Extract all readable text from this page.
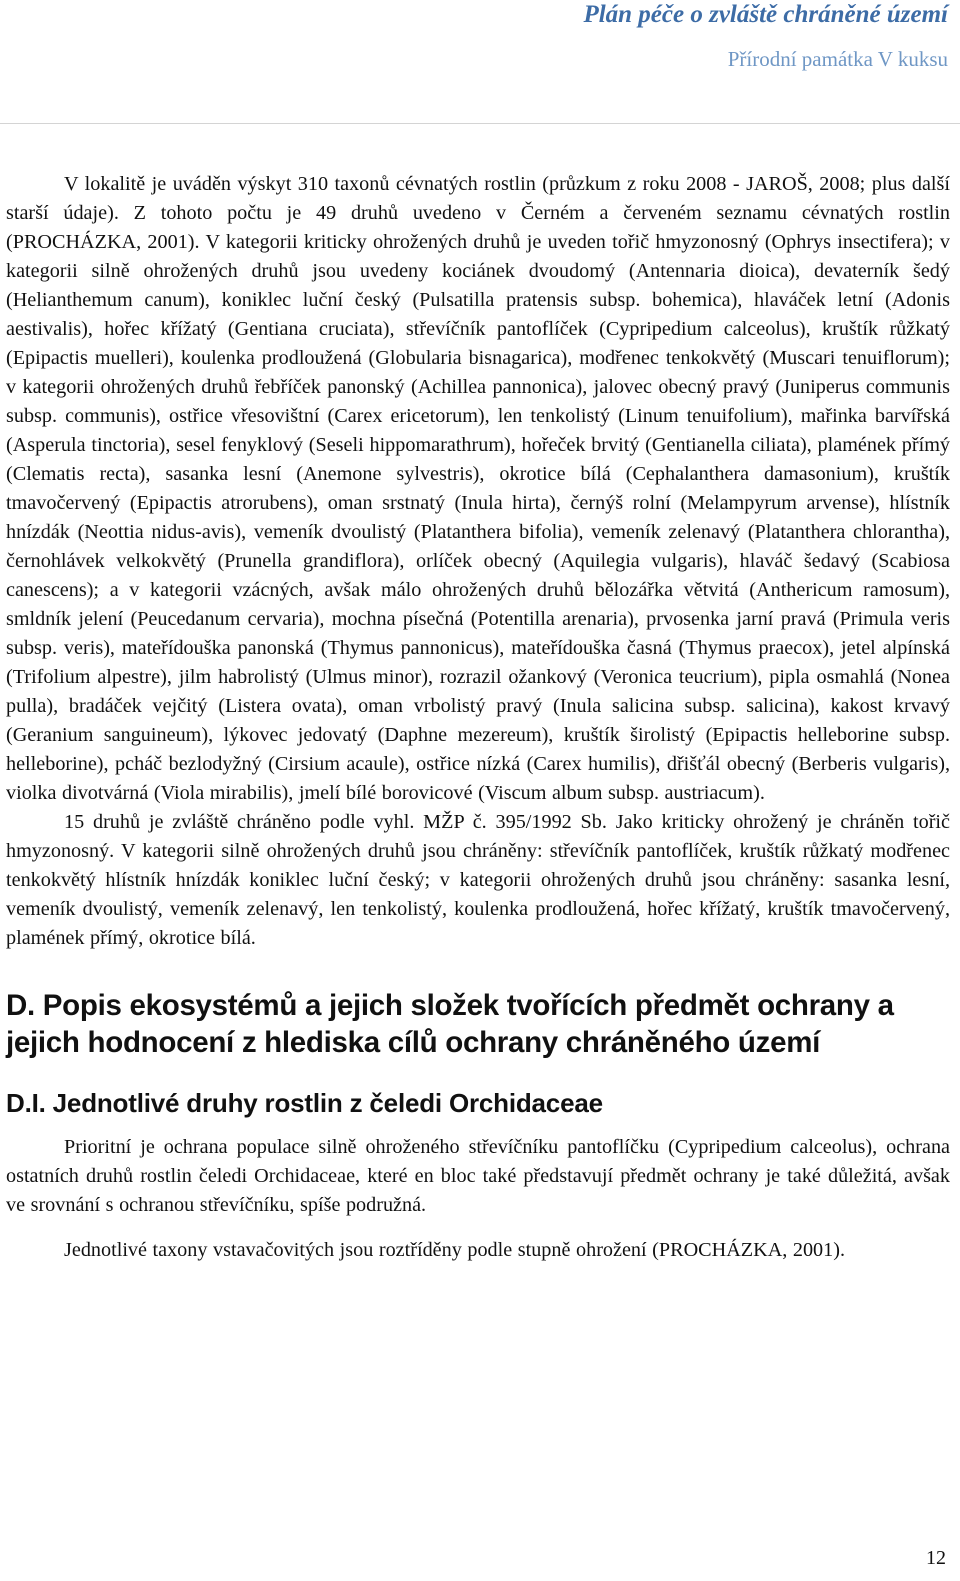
Plán péče o zvláště chráněné území
Přírodní památka V kuksu

V lokalitě je uváděn výskyt 310 taxonů cévnatých rostlin (průzkum z roku 2008 - JAROŠ, 2008; plus další starší údaje). Z tohoto počtu je 49 druhů uvedeno v Černém a červeném seznamu cévnatých rostlin (PROCHÁZKA, 2001). V kategorii kriticky ohrožených druhů je uveden tořič hmyzonosný (Ophrys insectifera); v kategorii silně ohrožených druhů jsou uvedeny kociánek dvoudomý (Antennaria dioica), devaterník šedý (Helianthemum canum), koniklec luční český (Pulsatilla pratensis subsp. bohemica), hlaváček letní (Adonis aestivalis), hořec křížatý (Gentiana cruciata), střevíčník pantoflíček (Cypripedium calceolus), kruštík růžkatý (Epipactis muelleri), koulenka prodloužená (Globularia bisnagarica), modřenec tenkokvětý (Muscari tenuiflorum); v kategorii ohrožených druhů řebříček panonský (Achillea pannonica), jalovec obecný pravý (Juniperus communis subsp. communis), ostřice vřesovištní (Carex ericetorum), len tenkolistý (Linum tenuifolium), mařinka barvířská (Asperula tinctoria), sesel fenyklový (Seseli hippomarathrum), hořeček brvitý (Gentianella ciliata), plamének přímý (Clematis recta), sasanka lesní (Anemone sylvestris), okrotice bílá (Cephalanthera damasonium), kruštík tmavočervený (Epipactis atrorubens), oman srstnatý (Inula hirta), černýš rolní (Melampyrum arvense), hlístník hnízdák (Neottia nidus-avis), vemeník dvoulistý (Platanthera bifolia), vemeník zelenavý (Platanthera chlorantha), černohlávek velkokvětý (Prunella grandiflora), orlíček obecný (Aquilegia vulgaris), hlaváč šedavý (Scabiosa canescens); a v kategorii vzácných, avšak málo ohrožených druhů bělozářka větvitá (Anthericum ramosum), smldník jelení (Peucedanum cervaria), mochna písečná (Potentilla arenaria), prvosenka jarní pravá (Primula veris subsp. veris), mateřídouška panonská (Thymus pannonicus), mateřídouška časná (Thymus praecox), jetel alpínská (Trifolium alpestre), jilm habrolistý (Ulmus minor), rozrazil ožankový (Veronica teucrium), pipla osmahlá (Nonea pulla), bradáček vejčitý (Listera ovata), oman vrbolistý pravý (Inula salicina subsp. salicina), kakost krvavý (Geranium sanguineum), lýkovec jedovatý (Daphne mezereum), kruštík širolistý (Epipactis helleborine subsp. helleborine), pcháč bezlodyžný (Cirsium acaule), ostřice nízká (Carex humilis), dřišťál obecný (Berberis vulgaris), violka divotvárná (Viola mirabilis), jmelí bílé borovicové (Viscum album subsp. austriacum).

15 druhů je zvláště chráněno podle vyhl. MŽP č. 395/1992 Sb. Jako kriticky ohrožený je chráněn tořič hmyzonosný. V kategorii silně ohrožených druhů jsou chráněny: střevíčník pantoflíček, kruštík růžkatý modřenec tenkokvětý hlístník hnízdák koniklec luční český; v kategorii ohrožených druhů jsou chráněny: sasanka lesní, vemeník dvoulistý, vemeník zelenavý, len tenkolistý, koulenka prodloužená, hořec křížatý, kruštík tmavočervený, plamének přímý, okrotice bílá.

D. Popis ekosystémů a jejich složek tvořících předmět ochrany a jejich hodnocení z hlediska cílů ochrany chráněného území
D.I. Jednotlivé druhy rostlin z čeledi Orchidaceae

Prioritní je ochrana populace silně ohroženého střevíčníku pantoflíčku (Cypripedium calceolus), ochrana ostatních druhů rostlin čeledi Orchidaceae, které en bloc také představují předmět ochrany je také důležitá, avšak ve srovnání s ochranou střevíčníku, spíše podružná.

Jednotlivé taxony vstavačovitých jsou roztříděny podle stupně ohrožení (PROCHÁZKA, 2001).

12
